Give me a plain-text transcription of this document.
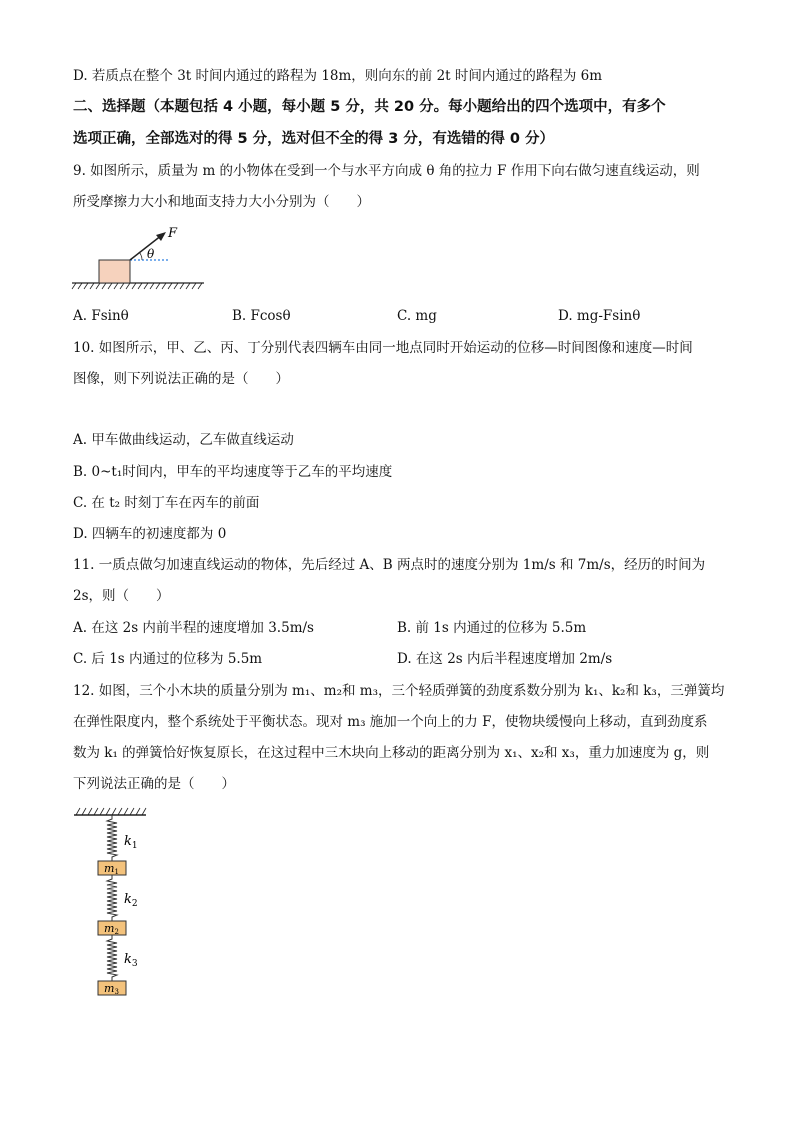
D. 若质点在整个 3t 时间内通过的路程为 18m，则向东的前 2t 时间内通过的路程为 6m
二、选择题（本题包括 4 小题，每小题 5 分，共 20 分。每小题给出的四个选项中，有多个
选项正确，全部选对的得 5 分，选对但不全的得 3 分，有选错的得 0 分）
9. 如图所示，质量为 m 的小物体在受到一个与水平方向成 θ 角的拉力 F 作用下向右做匀速直线运动，则
所受摩擦力大小和地面支持力大小分别为（　　）
F
θ
A. Fsinθ	B. Fcosθ	C. mg	D. mg-Fsinθ
10. 如图所示，甲、乙、丙、丁分别代表四辆车由同一地点同时开始运动的位移—时间图像和速度—时间
图像，则下列说法正确的是（　　）
A. 甲车做曲线运动，乙车做直线运动
B. 0~t₁时间内，甲车的平均速度等于乙车的平均速度
C. 在 t₂ 时刻丁车在丙车的前面
D. 四辆车的初速度都为 0
11. 一质点做匀加速直线运动的物体，先后经过 A、B 两点时的速度分别为 1m/s 和 7m/s，经历的时间为
2s，则（　　）
A. 在这 2s 内前半程的速度增加 3.5m/s	B. 前 1s 内通过的位移为 5.5m
C. 后 1s 内通过的位移为 5.5m	D. 在这 2s 内后半程速度增加 2m/s
12. 如图，三个小木块的质量分别为 m₁、m₂和 m₃，三个轻质弹簧的劲度系数分别为 k₁、k₂和 k₃，三弹簧均
在弹性限度内，整个系统处于平衡状态。现对 m₃ 施加一个向上的力 F，使物块缓慢向上移动，直到劲度系
数为 k₁ 的弹簧恰好恢复原长，在这过程中三木块向上移动的距离分别为 x₁、x₂和 x₃，重力加速度为 g，则
下列说法正确的是（　　）
$k_1$
m1
$k_2$
m2
$k_3$
m3
